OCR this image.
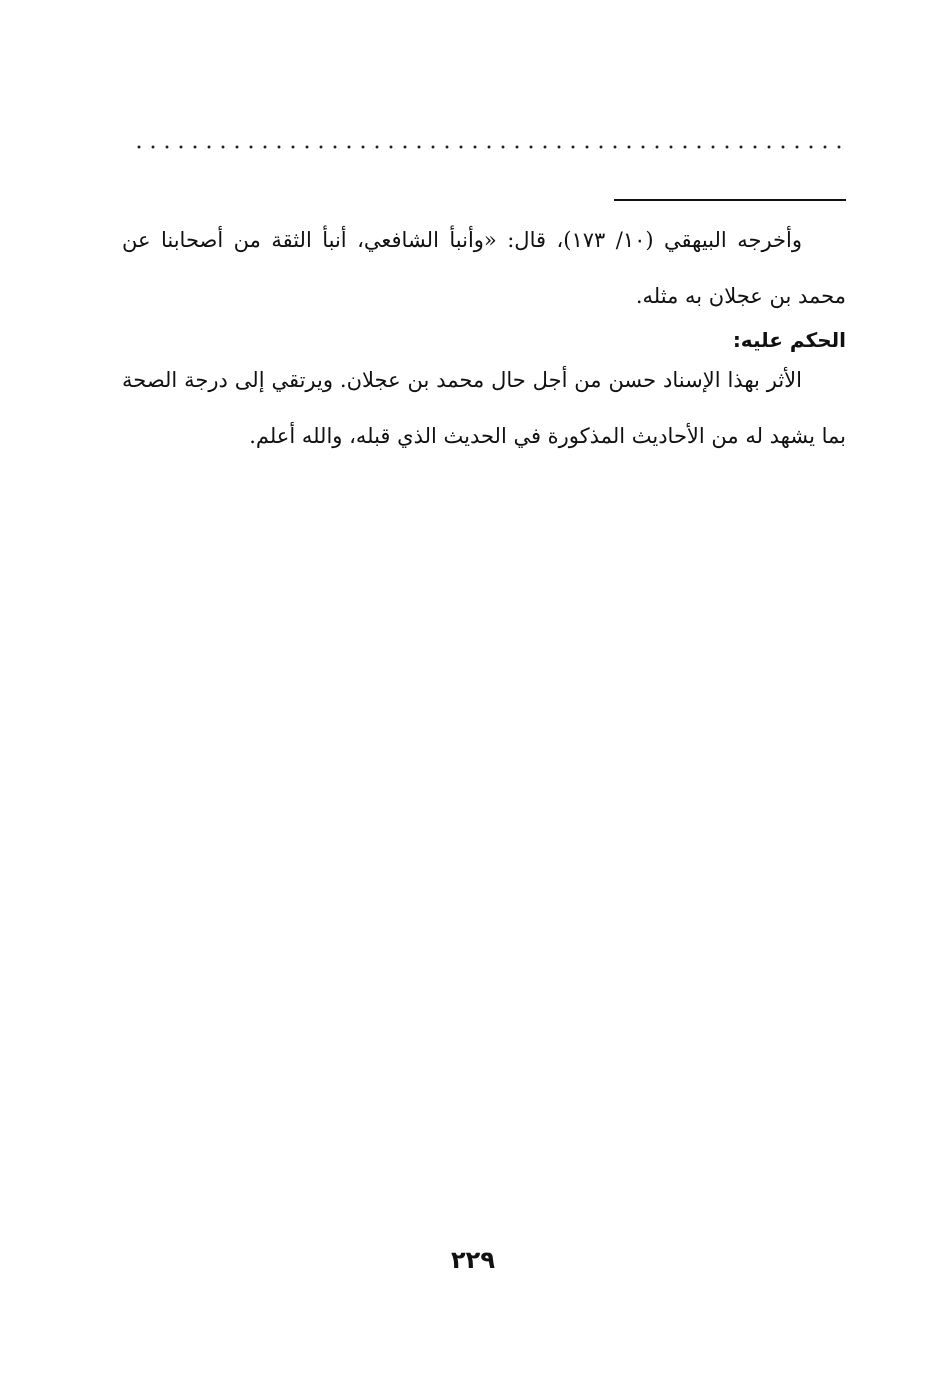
وأخرجه البيهقي (١٠/ ١٧٣)، قال: «وأنبأ الشافعي، أنبأ الثقة من أصحابنا عن محمد بن عجلان به مثله.

الحكم عليه:

الأثر بهذا الإسناد حسن من أجل حال محمد بن عجلان. ويرتقي إلى درجة الصحة بما يشهد له من الأحاديث المذكورة في الحديث الذي قبله، والله أعلم.

٢٢٩
